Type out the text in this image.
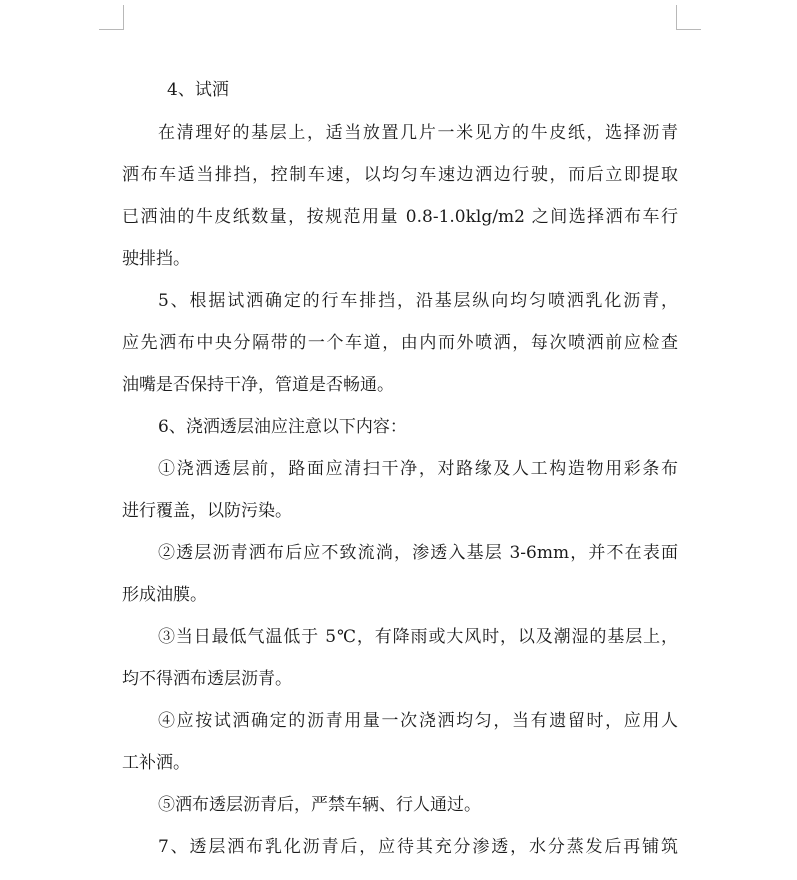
4、试洒
在清理好的基层上，适当放置几片一米见方的牛皮纸，选择沥青
洒布车适当排挡，控制车速，以均匀车速边洒边行驶，而后立即提取
已洒油的牛皮纸数量，按规范用量 0.8-1.0klg/m2 之间选择洒布车行
驶排挡。
5、根据试洒确定的行车排挡，沿基层纵向均匀喷洒乳化沥青，
应先洒布中央分隔带的一个车道，由内而外喷洒，每次喷洒前应检查
油嘴是否保持干净，管道是否畅通。
6、浇洒透层油应注意以下内容：
①浇洒透层前，路面应清扫干净，对路缘及人工构造物用彩条布
进行覆盖，以防污染。
②透层沥青洒布后应不致流淌，渗透入基层 3-6mm，并不在表面
形成油膜。
③当日最低气温低于 5℃，有降雨或大风时，以及潮湿的基层上，
均不得洒布透层沥青。
④应按试洒确定的沥青用量一次浇洒均匀，当有遗留时，应用人
工补洒。
⑤洒布透层沥青后，严禁车辆、行人通过。
7、透层洒布乳化沥青后，应待其充分渗透，水分蒸发后再铺筑
